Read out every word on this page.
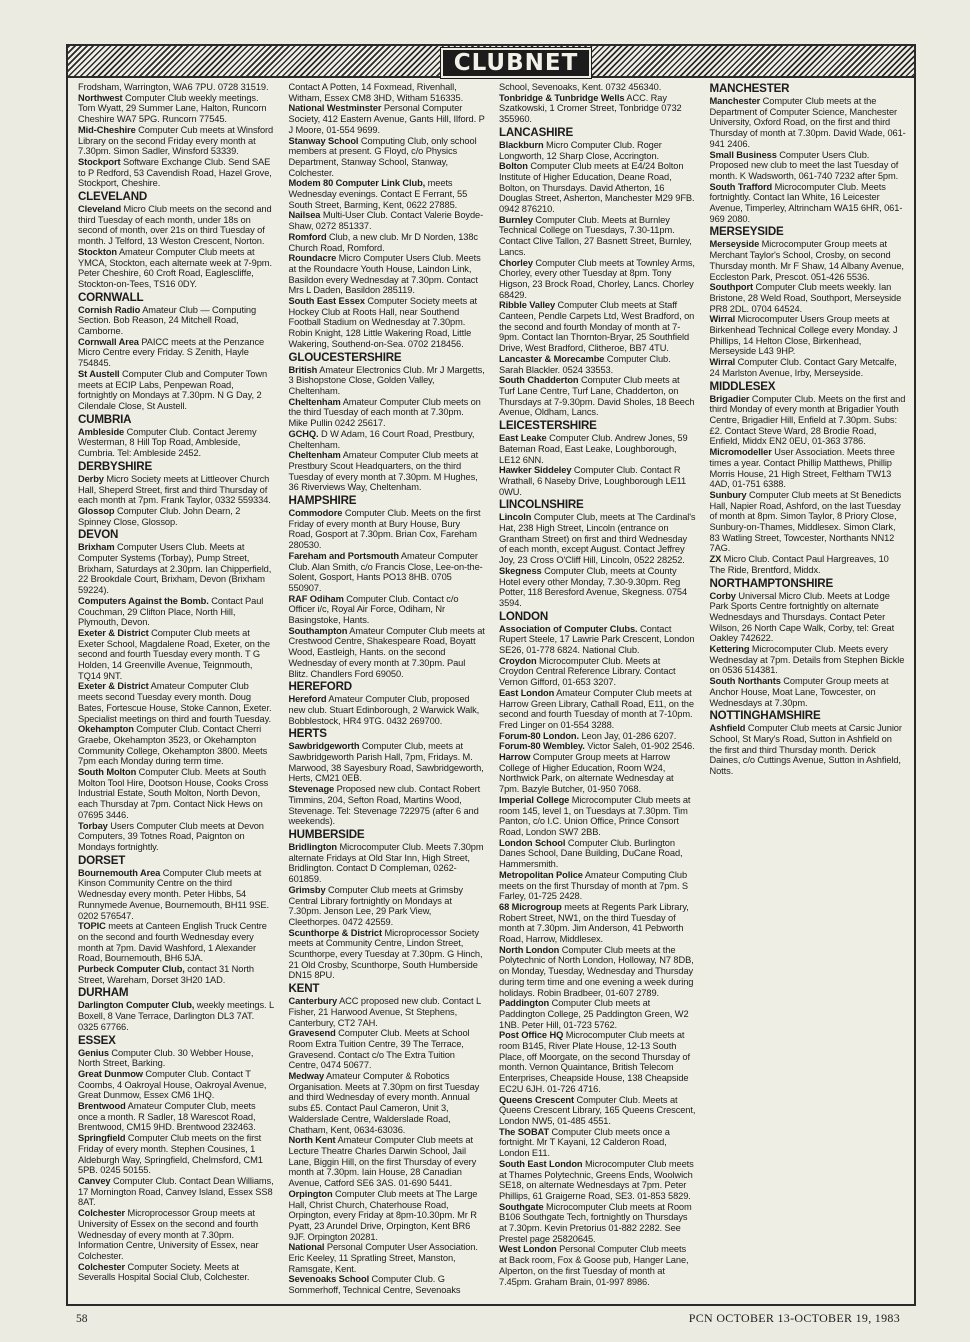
CLUBNET

Frodsham, Warrington, WA6 7PU. 0728 31519.

Northwest Computer Club weekly meetings. Tom Wyatt, 29 Summer Lane, Halton, Runcorn Cheshire WA7 5PG. Runcorn 77545.

Mid-Cheshire Computer Cub meets at Winsford Library on the second Friday every month at 7.30pm. Simon Sadler, Winsford 53339.

Stockport Software Exchange Club. Send SAE to P Redford, 53 Cavendish Road, Hazel Grove, Stockport, Cheshire.

CLEVELAND

Cleveland Micro Club meets on the second and third Tuesday of each month, under 18s on second of month, over 21s on third Tuesday of month. J Telford, 13 Weston Crescent, Norton.

Stockton Amateur Computer Club meets at YMCA, Stockton, each alternate week at 7-9pm. Peter Cheshire, 60 Croft Road, Eaglescliffe, Stockton-on-Tees, TS16 0DY.

CORNWALL

Cornish Radio Amateur Club — Computing Section. Bob Reason, 24 Mitchell Road, Camborne.

Cornwall Area PAICC meets at the Penzance Micro Centre every Friday. S Zenith, Hayle 754845.

St Austell Computer Club and Computer Town meets at ECIP Labs, Penpewan Road, fortnightly on Mondays at 7.30pm. N G Day, 2 Cilendale Close, St Austell.

CUMBRIA

Ambleside Computer Club. Contact Jeremy Westerman, 8 Hill Top Road, Ambleside, Cumbria. Tel: Ambleside 2452.

DERBYSHIRE

Derby Micro Society meets at Littleover Church Hall, Sheperd Street, first and third Thursday of each month at 7pm. Frank Taylor, 0332 559334.

Glossop Computer Club. John Dearn, 2 Spinney Close, Glossop.

DEVON

Brixham Computer Users Club. Meets at Computer Systems (Torbay), Pump Street, Brixham, Saturdays at 2.30pm. Ian Chipperfield, 22 Brookdale Court, Brixham, Devon (Brixham 59224).

Computers Against the Bomb. Contact Paul Couchman, 29 Clifton Place, North Hill, Plymouth, Devon.

Exeter & District Computer Club meets at Exeter School, Magdalene Road, Exeter, on the second and fourth Tuesday every month. T G Holden, 14 Greenville Avenue, Teignmouth, TQ14 9NT.

Exeter & District Amateur Computer Club meets second Tuesday every month. Doug Bates, Fortescue House, Stoke Cannon, Exeter. Specialist meetings on third and fourth Tuesday.

Okehampton Computer Club. Contact Cherri Graebe, Okehampton 3523, or Okehampton Community College, Okehampton 3800. Meets 7pm each Monday during term time.

South Molton Computer Club. Meets at South Molton Tool Hire, Dootson House, Cooks Cross Industrial Estate, South Molton, North Devon, each Thursday at 7pm. Contact Nick Hews on 07695 3446.

Torbay Users Computer Club meets at Devon Computers, 39 Totnes Road, Paignton on Mondays fortnightly.

DORSET

Bournemouth Area Computer Club meets at Kinson Community Centre on the third Wednesday every month. Peter Hibbs, 54 Runnymede Avenue, Bournemouth, BH11 9SE. 0202 576547.

TOPIC meets at Canteen English Truck Centre on the second and fourth Wednesday every month at 7pm. David Washford, 1 Alexander Road, Bournemouth, BH6 5JA.

Purbeck Computer Club, contact 31 North Street, Wareham, Dorset 3H20 1AD.

DURHAM

Darlington Computer Club, weekly meetings. L Boxell, 8 Vane Terrace, Darlington DL3 7AT. 0325 67766.

ESSEX

Genius Computer Club. 30 Webber House, North Street, Barking.

Great Dunmow Computer Club. Contact T Coombs, 4 Oakroyal House, Oakroyal Avenue, Great Dunmow, Essex CM6 1HQ.

Brentwood Amateur Computer Club, meets once a month. R Sadler, 18 Warescot Road, Brentwood, CM15 9HD. Brentwood 232463.

Springfield Computer Club meets on the first Friday of every month. Stephen Cousines, 1 Aldeburgh Way, Springfield, Chelmsford, CM1 5PB. 0245 50155.

Canvey Computer Club. Contact Dean Williams, 17 Mornington Road, Canvey Island, Essex SS8 8AT.

Colchester Microprocessor Group meets at University of Essex on the second and fourth Wednesday of every month at 7.30pm. Information Centre, University of Essex, near Colchester.

Colchester Computer Society. Meets at Severalls Hospital Social Club, Colchester. Contact A Potten, 14 Foxmead, Rivenhall, Witham, Essex CM8 3HD, Witham 516335.

National Westminster Personal Computer Society, 412 Eastern Avenue, Gants Hill, Ilford. P J Moore, 01-554 9699.

Stanway School Computing Club, only school members at present. G Floyd, c/o Physics Department, Stanway School, Stanway, Colchester.

Modem 80 Computer Link Club, meets Wednesday evenings. Contact E Ferrant, 55 South Street, Barming, Kent, 0622 27885.

Nailsea Multi-User Club. Contact Valerie Boyde-Shaw, 0272 851337.

Romford Club, a new club. Mr D Norden, 138c Church Road, Romford.

Roundacre Micro Computer Users Club. Meets at the Roundacre Youth House, Laindon Link, Basildon every Wednesday at 7.30pm. Contact Mrs L Daden, Basildon 285119.

South East Essex Computer Society meets at Hockey Club at Roots Hall, near Southend Football Stadium on Wednesday at 7.30pm. Robin Knight, 128 Little Wakering Road, Little Wakering, Southend-on-Sea. 0702 218456.

GLOUCESTERSHIRE

British Amateur Electronics Club. Mr J Margetts, 3 Bishopstone Close, Golden Valley, Cheltenham.

Cheltenham Amateur Computer Club meets on the third Tuesday of each month at 7.30pm. Mike Pullin 0242 25617.

GCHQ. D W Adam, 16 Court Road, Prestbury, Cheltenham.

Cheltenham Amateur Computer Club meets at Prestbury Scout Headquarters, on the third Tuesday of every month at 7.30pm. M Hughes, 36 Riverviews Way, Cheltenham.

HAMPSHIRE

Commodore Computer Club. Meets on the first Friday of every month at Bury House, Bury Road, Gosport at 7.30pm. Brian Cox, Fareham 280530.

Fareham and Portsmouth Amateur Computer Club. Alan Smith, c/o Francis Close, Lee-on-the-Solent, Gosport, Hants PO13 8HB. 0705 550907.

RAF Odiham Computer Club. Contact c/o Officer i/c, Royal Air Force, Odiham, Nr Basingstoke, Hants.

Southampton Amateur Computer Club meets at Crestwood Centre, Shakespeare Road, Boyatt Wood, Eastleigh, Hants. on the second Wednesday of every month at 7.30pm. Paul Blitz. Chandlers Ford 69050.

HEREFORD

Hereford Amateur Computer Club, proposed new club. Stuart Edinborough, 2 Warwick Walk, Bobblestock, HR4 9TG. 0432 269700.

HERTS

Sawbridgeworth Computer Club, meets at Sawbridgeworth Parish Hall, 7pm, Fridays. M. Marwood, 38 Sayesbury Road, Sawbridgeworth, Herts, CM21 0EB.

Stevenage Proposed new club. Contact Robert Timmins, 204, Sefton Road, Martins Wood, Stevenage. Tel: Stevenage 722975 (after 6 and weekends).

HUMBERSIDE

Bridlington Microcomputer Club. Meets 7.30pm alternate Fridays at Old Star Inn, High Street, Bridlington. Contact D Compleman, 0262-601859.

Grimsby Computer Club meets at Grimsby Central Library fortnightly on Mondays at 7.30pm. Jenson Lee, 29 Park View, Cleethorpes. 0472 42559.

Scunthorpe & District Microprocessor Society meets at Community Centre, Lindon Street, Scunthorpe, every Tuesday at 7.30pm. G Hinch, 21 Old Crosby, Scunthorpe, South Humberside DN15 8PU.

KENT

Canterbury ACC proposed new club. Contact L Fisher, 21 Harwood Avenue, St Stephens, Canterbury, CT2 7AH.

Gravesend Computer Club. Meets at School Room Extra Tuition Centre, 39 The Terrace, Gravesend. Contact c/o The Extra Tuition Centre, 0474 50677.

Medway Amateur Computer & Robotics Organisation. Meets at 7.30pm on first Tuesday and third Wednesday of every month. Annual subs £5. Contact Paul Cameron, Unit 3, Walderslade Centre, Walderslade Road, Chatham, Kent, 0634-63036.

North Kent Amateur Computer Club meets at Lecture Theatre Charles Darwin School, Jail Lane, Biggin Hill, on the first Thursday of every month at 7.30pm. Iain House, 28 Canadian Avenue, Catford SE6 3AS. 01-690 5441.

Orpington Computer Club meets at The Large Hall, Christ Church, Chaterhouse Road, Orpington, every Friday at 8pm-10.30pm. Mr R Pyatt, 23 Arundel Drive, Orpington, Kent BR6 9JF. Orpington 20281.

National Personal Computer User Association. Eric Keeley, 11 Spratling Street, Manston, Ramsgate, Kent.

Sevenoaks School Computer Club. G Sommerhoff, Technical Centre, Sevenoaks School, Sevenoaks, Kent. 0732 456340.

Tonbridge & Tunbridge Wells ACC. Ray Szatkowski, 1 Cromer Street, Tonbridge 0732 355960.

LANCASHIRE

Blackburn Micro Computer Club. Roger Longworth, 12 Sharp Close, Accrington.

Bolton Computer Club meets at E4/24 Bolton Institute of Higher Education, Deane Road, Bolton, on Thursdays. David Atherton, 16 Douglas Street, Asherton, Manchester M29 9FB. 0942 876210.

Burnley Computer Club. Meets at Burnley Technical College on Tuesdays, 7.30-11pm. Contact Clive Tallon, 27 Basnett Street, Burnley, Lancs.

Chorley Computer Club meets at Townley Arms, Chorley, every other Tuesday at 8pm. Tony Higson, 23 Brock Road, Chorley, Lancs. Chorley 68429.

Ribble Valley Computer Club meets at Staff Canteen, Pendle Carpets Ltd, West Bradford, on the second and fourth Monday of month at 7-9pm. Contact Ian Thornton-Bryar, 25 Southfield Drive, West Bradford, Clitheroe, BB7 4TU.

Lancaster & Morecambe Computer Club. Sarah Blackler. 0524 33553.

South Chadderton Computer Club meets at Turf Lane Centre, Turf Lane, Chadderton, on Thursdays at 7-9.30pm. David Sholes, 18 Beech Avenue, Oldham, Lancs.

LEICESTERSHIRE

East Leake Computer Club. Andrew Jones, 59 Bateman Road, East Leake, Loughborough, LE12 6NN.

Hawker Siddeley Computer Club. Contact R Wrathall, 6 Naseby Drive, Loughborough LE11 0WU.

LINCOLNSHIRE

Lincoln Computer Club, meets at The Cardinal's Hat, 238 High Street, Lincoln (entrance on Grantham Street) on first and third Wednesday of each month, except August. Contact Jeffrey Joy, 23 Cross O'Cliff Hill, Lincoln, 0522 28252.

Skegness Computer Club, meets at County Hotel every other Monday, 7.30-9.30pm. Reg Potter, 118 Beresford Avenue, Skegness. 0754 3594.

LONDON

Association of Computer Clubs. Contact Rupert Steele, 17 Lawrie Park Crescent, London SE26, 01-778 6824. National Club.

Croydon Microcomputer Club. Meets at Croydon Central Reference Library. Contact Vernon Gifford, 01-653 3207.

East London Amateur Computer Club meets at Harrow Green Library, Cathall Road, E11, on the second and fourth Tuesday of month at 7-10pm. Fred Linger on 01-554 3288.

Forum-80 London. Leon Jay, 01-286 6207.

Forum-80 Wembley. Victor Saleh, 01-902 2546.

Harrow Computer Group meets at Harrow College of Higher Education, Room W24, Northwick Park, on alternate Wednesday at 7pm. Bazyle Butcher, 01-950 7068.

Imperial College Microcomputer Club meets at room 145, level 1, on Tuesdays at 7.30pm. Tim Panton, c/o I.C. Union Office, Prince Consort Road, London SW7 2BB.

London School Computer Club. Burlington Danes School, Dane Building, DuCane Road, Hammersmith.

Metropolitan Police Amateur Computing Club meets on the first Thursday of month at 7pm. S Farley, 01-725 2428.

68 Microgroup meets at Regents Park Library, Robert Street, NW1, on the third Tuesday of month at 7.30pm. Jim Anderson, 41 Pebworth Road, Harrow, Middlesex.

North London Computer Club meets at the Polytechnic of North London, Holloway, N7 8DB, on Monday, Tuesday, Wednesday and Thursday during term time and one evening a week during holidays. Robin Bradbeer, 01-607 2789.

Paddington Computer Club meets at Paddington College, 25 Paddington Green, W2 1NB. Peter Hill, 01-723 5762.

Post Office HQ Microcomputer Club meets at room B145, River Plate House, 12-13 South Place, off Moorgate, on the second Thursday of month. Vernon Quaintance, British Telecom Enterprises, Cheapside House, 138 Cheapside EC2U 6JH. 01-726 4716.

Queens Crescent Computer Club. Meets at Queens Crescent Library, 165 Queens Crescent, London NW5, 01-485 4551.

The SOBAT Computer Club meets once a fortnight. Mr T Kayani, 12 Calderon Road, London E11.

South East London Microcomputer Club meets at Thames Polytechnic, Greens Ends, Woolwich SE18, on alternate Wednesdays at 7pm. Peter Phillips, 61 Graigerne Road, SE3. 01-853 5829.

Southgate Microcomputer Club meets at Room B106 Southgate Tech, fortnightly on Thursdays at 7.30pm. Kevin Pretorius 01-882 2282. See Prestel page 25820645.

West London Personal Computer Club meets at Back room, Fox & Goose pub, Hanger Lane, Alperton, on the first Tuesday of month at 7.45pm. Graham Brain, 01-997 8986.

MANCHESTER

Manchester Computer Club meets at the Department of Computer Science, Manchester University, Oxford Road, on the first and third Thursday of month at 7.30pm. David Wade, 061-941 2406.

Small Business Computer Users Club. Proposed new club to meet the last Tuesday of month. K Wadsworth, 061-740 7232 after 5pm.

South Trafford Microcomputer Club. Meets fortnightly. Contact Ian White, 16 Leicester Avenue, Timperley, Altrincham WA15 6HR, 061-969 2080.

MERSEYSIDE

Merseyside Microcomputer Group meets at Merchant Taylor's School, Crosby, on second Thursday month. Mr F Shaw, 14 Albany Avenue, Eccleston Park, Prescot. 051-426 5536.

Southport Computer Club meets weekly. Ian Bristone, 28 Weld Road, Southport, Merseyside PR8 2DL. 0704 64524.

Wirral Microcomputer Users Group meets at Birkenhead Technical College every Monday. J Phillips, 14 Helton Close, Birkenhead, Merseyside L43 9HP.

Wirral Computer Club. Contact Gary Metcalfe, 24 Marlston Avenue, Irby, Merseyside.

MIDDLESEX

Brigadier Computer Club. Meets on the first and third Monday of every month at Brigadier Youth Centre, Brigadier Hill, Enfield at 7.30pm. Subs: £2. Contact Steve Ward, 28 Brodie Road, Enfield, Middx EN2 0EU, 01-363 3786.

Micromodeller User Association. Meets three times a year. Contact Phillip Matthews, Phillip Morris House, 21 High Street, Feltham TW13 4AD, 01-751 6388.

Sunbury Computer Club meets at St Benedicts Hall, Napier Road, Ashford, on the last Tuesday of month at 8pm. Simon Taylor, 8 Priory Close, Sunbury-on-Thames, Middlesex. Simon Clark, 83 Watling Street, Towcester, Northants NN12 7AG.

ZX Micro Club. Contact Paul Hargreaves, 10 The Ride, Brentford, Middx.

NORTHAMPTONSHIRE

Corby Universal Micro Club. Meets at Lodge Park Sports Centre fortnightly on alternate Wednesdays and Thursdays. Contact Peter Wilson, 26 North Cape Walk, Corby, tel: Great Oakley 742622.

Kettering Microcomputer Club. Meets every Wednesday at 7pm. Details from Stephen Bickle on 0536 514381.

South Northants Computer Group meets at Anchor House, Moat Lane, Towcester, on Wednesdays at 7.30pm.

NOTTINGHAMSHIRE

Ashfield Computer Club meets at Carsic Junior School, St Mary's Road, Sutton in Ashfield on the first and third Thursday month. Derick Daines, c/o Cuttings Avenue, Sutton in Ashfield, Notts.

58	PCN OCTOBER 13-OCTOBER 19, 1983
